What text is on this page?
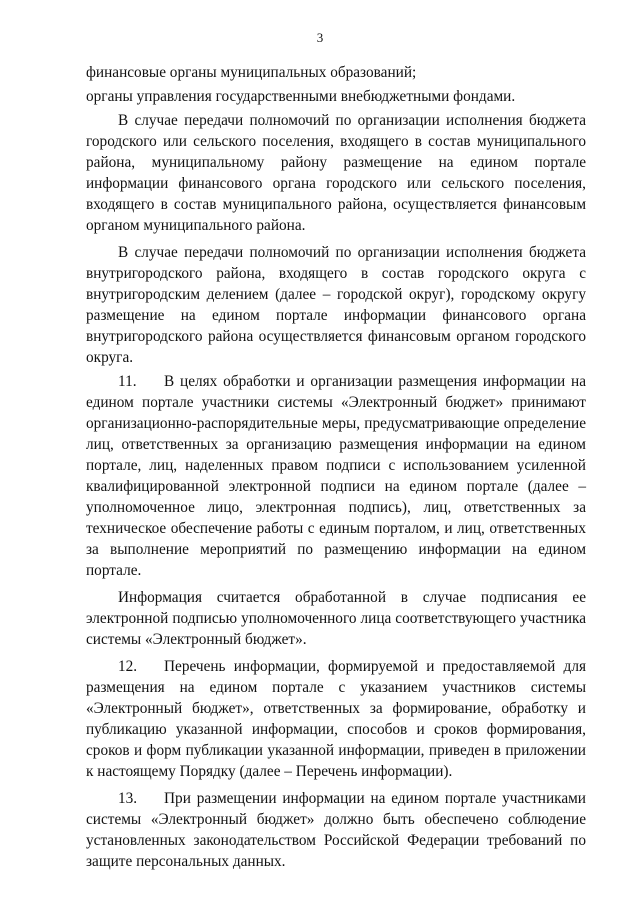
3

финансовые органы муниципальных образований;

органы управления государственными внебюджетными фондами.

В случае передачи полномочий по организации исполнения бюджета городского или сельского поселения, входящего в состав муниципального района, муниципальному району размещение на едином портале информации финансового органа городского или сельского поселения, входящего в состав муниципального района, осуществляется финансовым органом муниципального района.

В случае передачи полномочий по организации исполнения бюджета внутригородского района, входящего в состав городского округа с внутригородским делением (далее – городской округ), городскому округу размещение на едином портале информации финансового органа внутригородского района осуществляется финансовым органом городского округа.

11. В целях обработки и организации размещения информации на едином портале участники системы «Электронный бюджет» принимают организационно-распорядительные меры, предусматривающие определение лиц, ответственных за организацию размещения информации на едином портале, лиц, наделенных правом подписи с использованием усиленной квалифицированной электронной подписи на едином портале (далее – уполномоченное лицо, электронная подпись), лиц, ответственных за техническое обеспечение работы с единым порталом, и лиц, ответственных за выполнение мероприятий по размещению информации на едином портале.

Информация считается обработанной в случае подписания ее электронной подписью уполномоченного лица соответствующего участника системы «Электронный бюджет».

12. Перечень информации, формируемой и предоставляемой для размещения на едином портале с указанием участников системы «Электронный бюджет», ответственных за формирование, обработку и публикацию указанной информации, способов и сроков формирования, сроков и форм публикации указанной информации, приведен в приложении к настоящему Порядку (далее – Перечень информации).

13. При размещении информации на едином портале участниками системы «Электронный бюджет» должно быть обеспечено соблюдение установленных законодательством Российской Федерации требований по защите персональных данных.
